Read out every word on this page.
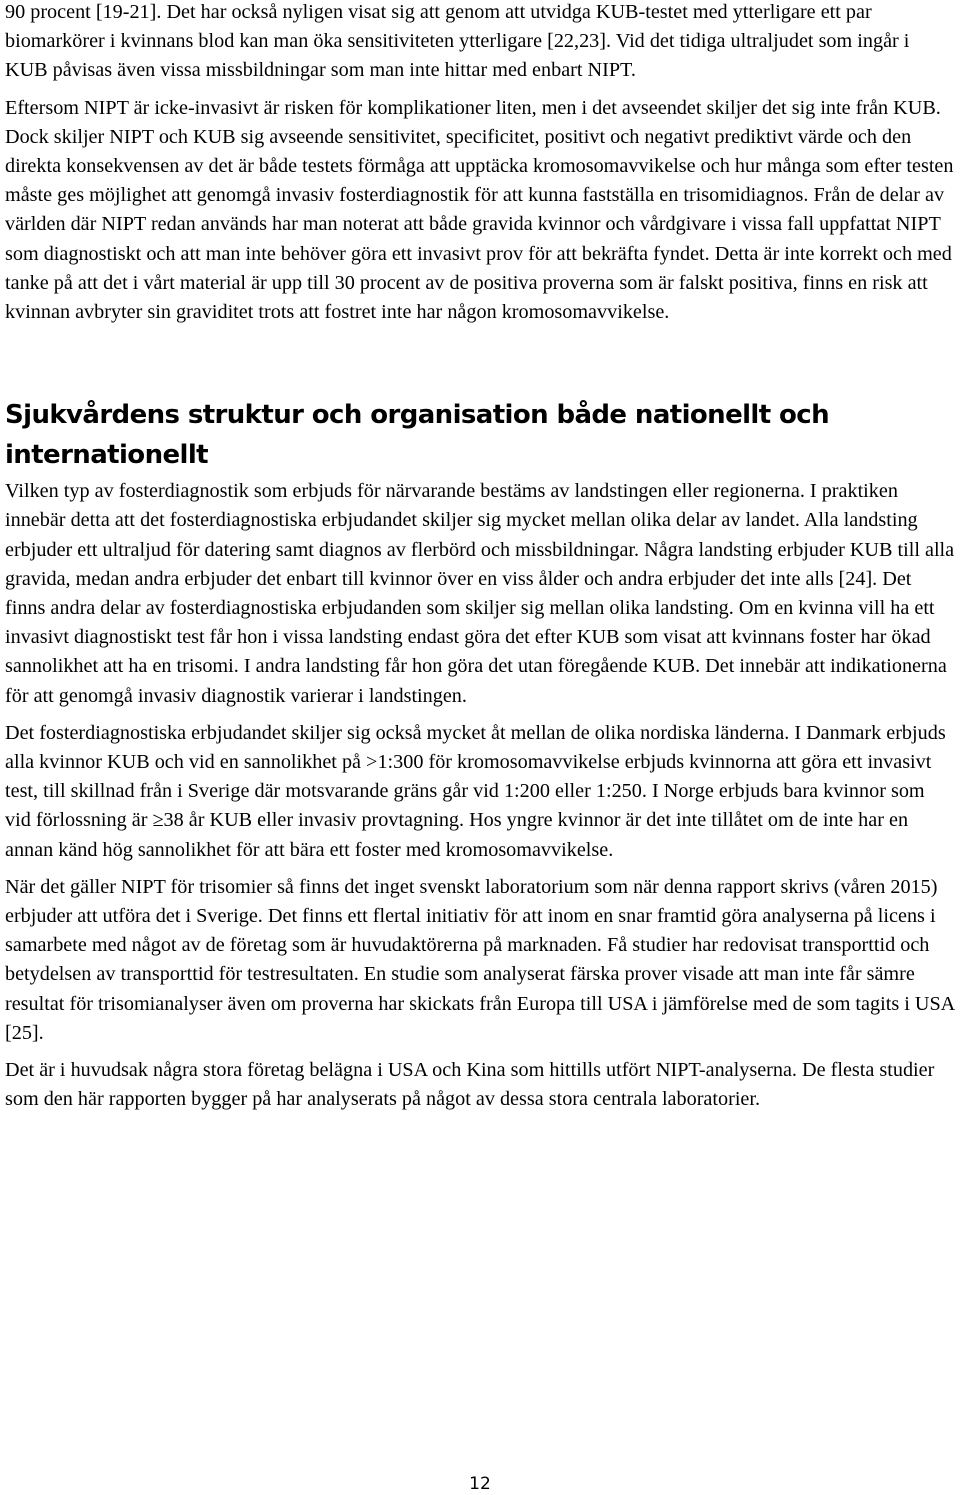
90 procent [19-21]. Det har också nyligen visat sig att genom att utvidga KUB-testet med ytterligare ett par biomarkörer i kvinnans blod kan man öka sensitiviteten ytterligare [22,23]. Vid det tidiga ultraljudet som ingår i KUB påvisas även vissa missbildningar som man inte hittar med enbart NIPT.

Eftersom NIPT är icke-invasivt är risken för komplikationer liten, men i det avseendet skiljer det sig inte från KUB. Dock skiljer NIPT och KUB sig avseende sensitivitet, specificitet, positivt och negativt prediktivt värde och den direkta konsekvensen av det är både testets förmåga att upptäcka kromosomavvikelse och hur många som efter testen måste ges möjlighet att genomgå invasiv fosterdiagnostik för att kunna fastställa en trisomidiagnos. Från de delar av världen där NIPT redan används har man noterat att både gravida kvinnor och vårdgivare i vissa fall uppfattat NIPT som diagnostiskt och att man inte behöver göra ett invasivt prov för att bekräfta fyndet. Detta är inte korrekt och med tanke på att det i vårt material är upp till 30 procent av de positiva proverna som är falskt positiva, finns en risk att kvinnan avbryter sin graviditet trots att fostret inte har någon kromosomavvikelse.

Sjukvårdens struktur och organisation både nationellt och internationellt

Vilken typ av fosterdiagnostik som erbjuds för närvarande bestäms av landstingen eller regionerna. I praktiken innebär detta att det fosterdiagnostiska erbjudandet skiljer sig mycket mellan olika delar av landet. Alla landsting erbjuder ett ultraljud för datering samt diagnos av flerbörd och missbildningar. Några landsting erbjuder KUB till alla gravida, medan andra erbjuder det enbart till kvinnor över en viss ålder och andra erbjuder det inte alls [24]. Det finns andra delar av fosterdiagnostiska erbjudanden som skiljer sig mellan olika landsting. Om en kvinna vill ha ett invasivt diagnostiskt test får hon i vissa landsting endast göra det efter KUB som visat att kvinnans foster har ökad sannolikhet att ha en trisomi. I andra landsting får hon göra det utan föregående KUB. Det innebär att indikationerna för att genomgå invasiv diagnostik varierar i landstingen.

Det fosterdiagnostiska erbjudandet skiljer sig också mycket åt mellan de olika nordiska länderna. I Danmark erbjuds alla kvinnor KUB och vid en sannolikhet på >1:300 för kromosomavvikelse erbjuds kvinnorna att göra ett invasivt test, till skillnad från i Sverige där motsvarande gräns går vid 1:200 eller 1:250. I Norge erbjuds bara kvinnor som vid förlossning är ≥38 år KUB eller invasiv provtagning. Hos yngre kvinnor är det inte tillåtet om de inte har en annan känd hög sannolikhet för att bära ett foster med kromosomavvikelse.

När det gäller NIPT för trisomier så finns det inget svenskt laboratorium som när denna rapport skrivs (våren 2015) erbjuder att utföra det i Sverige. Det finns ett flertal initiativ för att inom en snar framtid göra analyserna på licens i samarbete med något av de företag som är huvudaktörerna på marknaden. Få studier har redovisat transporttid och betydelsen av transporttid för testresultaten. En studie som analyserat färska prover visade att man inte får sämre resultat för trisomianalyser även om proverna har skickats från Europa till USA i jämförelse med de som tagits i USA [25].

Det är i huvudsak några stora företag belägna i USA och Kina som hittills utfört NIPT-analyserna. De flesta studier som den här rapporten bygger på har analyserats på något av dessa stora centrala laboratorier.

12
